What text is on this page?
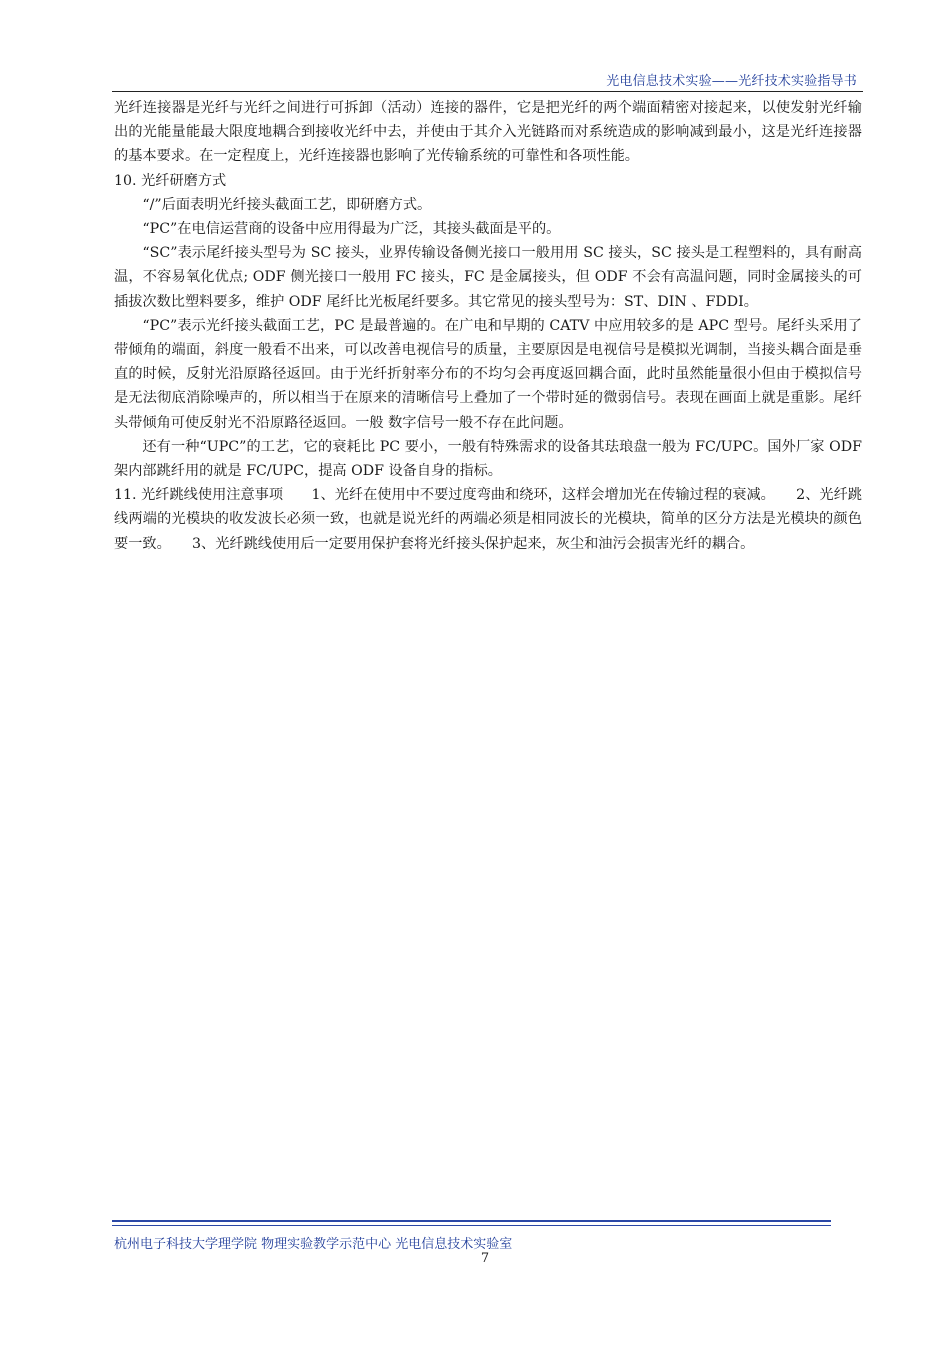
光电信息技术实验——光纤技术实验指导书

光纤连接器是光纤与光纤之间进行可拆卸（活动）连接的器件，它是把光纤的两个端面精密对接起来，以使发射光纤输出的光能量能最大限度地耦合到接收光纤中去，并使由于其介入光链路而对系统造成的影响减到最小，这是光纤连接器的基本要求。在一定程度上，光纤连接器也影响了光传输系统的可靠性和各项性能。

10. 光纤研磨方式

“/”后面表明光纤接头截面工艺，即研磨方式。

“PC”在电信运营商的设备中应用得最为广泛，其接头截面是平的。

“SC”表示尾纤接头型号为 SC 接头，业界传输设备侧光接口一般用用 SC 接头，SC 接头是工程塑料的，具有耐高温，不容易氧化优点; ODF 侧光接口一般用 FC 接头，FC 是金属接头，但 ODF 不会有高温问题，同时金属接头的可插拔次数比塑料要多，维护 ODF 尾纤比光板尾纤要多。其它常见的接头型号为：ST、DIN 、FDDI。

“PC”表示光纤接头截面工艺，PC 是最普遍的。在广电和早期的 CATV 中应用较多的是 APC 型号。尾纤头采用了带倾角的端面，斜度一般看不出来，可以改善电视信号的质量，主要原因是电视信号是模拟光调制，当接头耦合面是垂直的时候，反射光沿原路径返回。由于光纤折射率分布的不均匀会再度返回耦合面，此时虽然能量很小但由于模拟信号是无法彻底消除噪声的，所以相当于在原来的清晰信号上叠加了一个带时延的微弱信号。表现在画面上就是重影。尾纤头带倾角可使反射光不沿原路径返回。一般 数字信号一般不存在此问题。

还有一种“UPC”的工艺，它的衰耗比 PC 要小，一般有特殊需求的设备其珐琅盘一般为 FC/UPC。国外厂家 ODF 架内部跳纤用的就是 FC/UPC，提高 ODF 设备自身的指标。

11. 光纤跳线使用注意事项　　1、光纤在使用中不要过度弯曲和绕环，这样会增加光在传输过程的衰减。　　2、光纤跳线两端的光模块的收发波长必须一致，也就是说光纤的两端必须是相同波长的光模块，简单的区分方法是光模块的颜色要一致。　　3、光纤跳线使用后一定要用保护套将光纤接头保护起来，灰尘和油污会损害光纤的耦合。

杭州电子科技大学理学院 物理实验教学示范中心 光电信息技术实验室
7
